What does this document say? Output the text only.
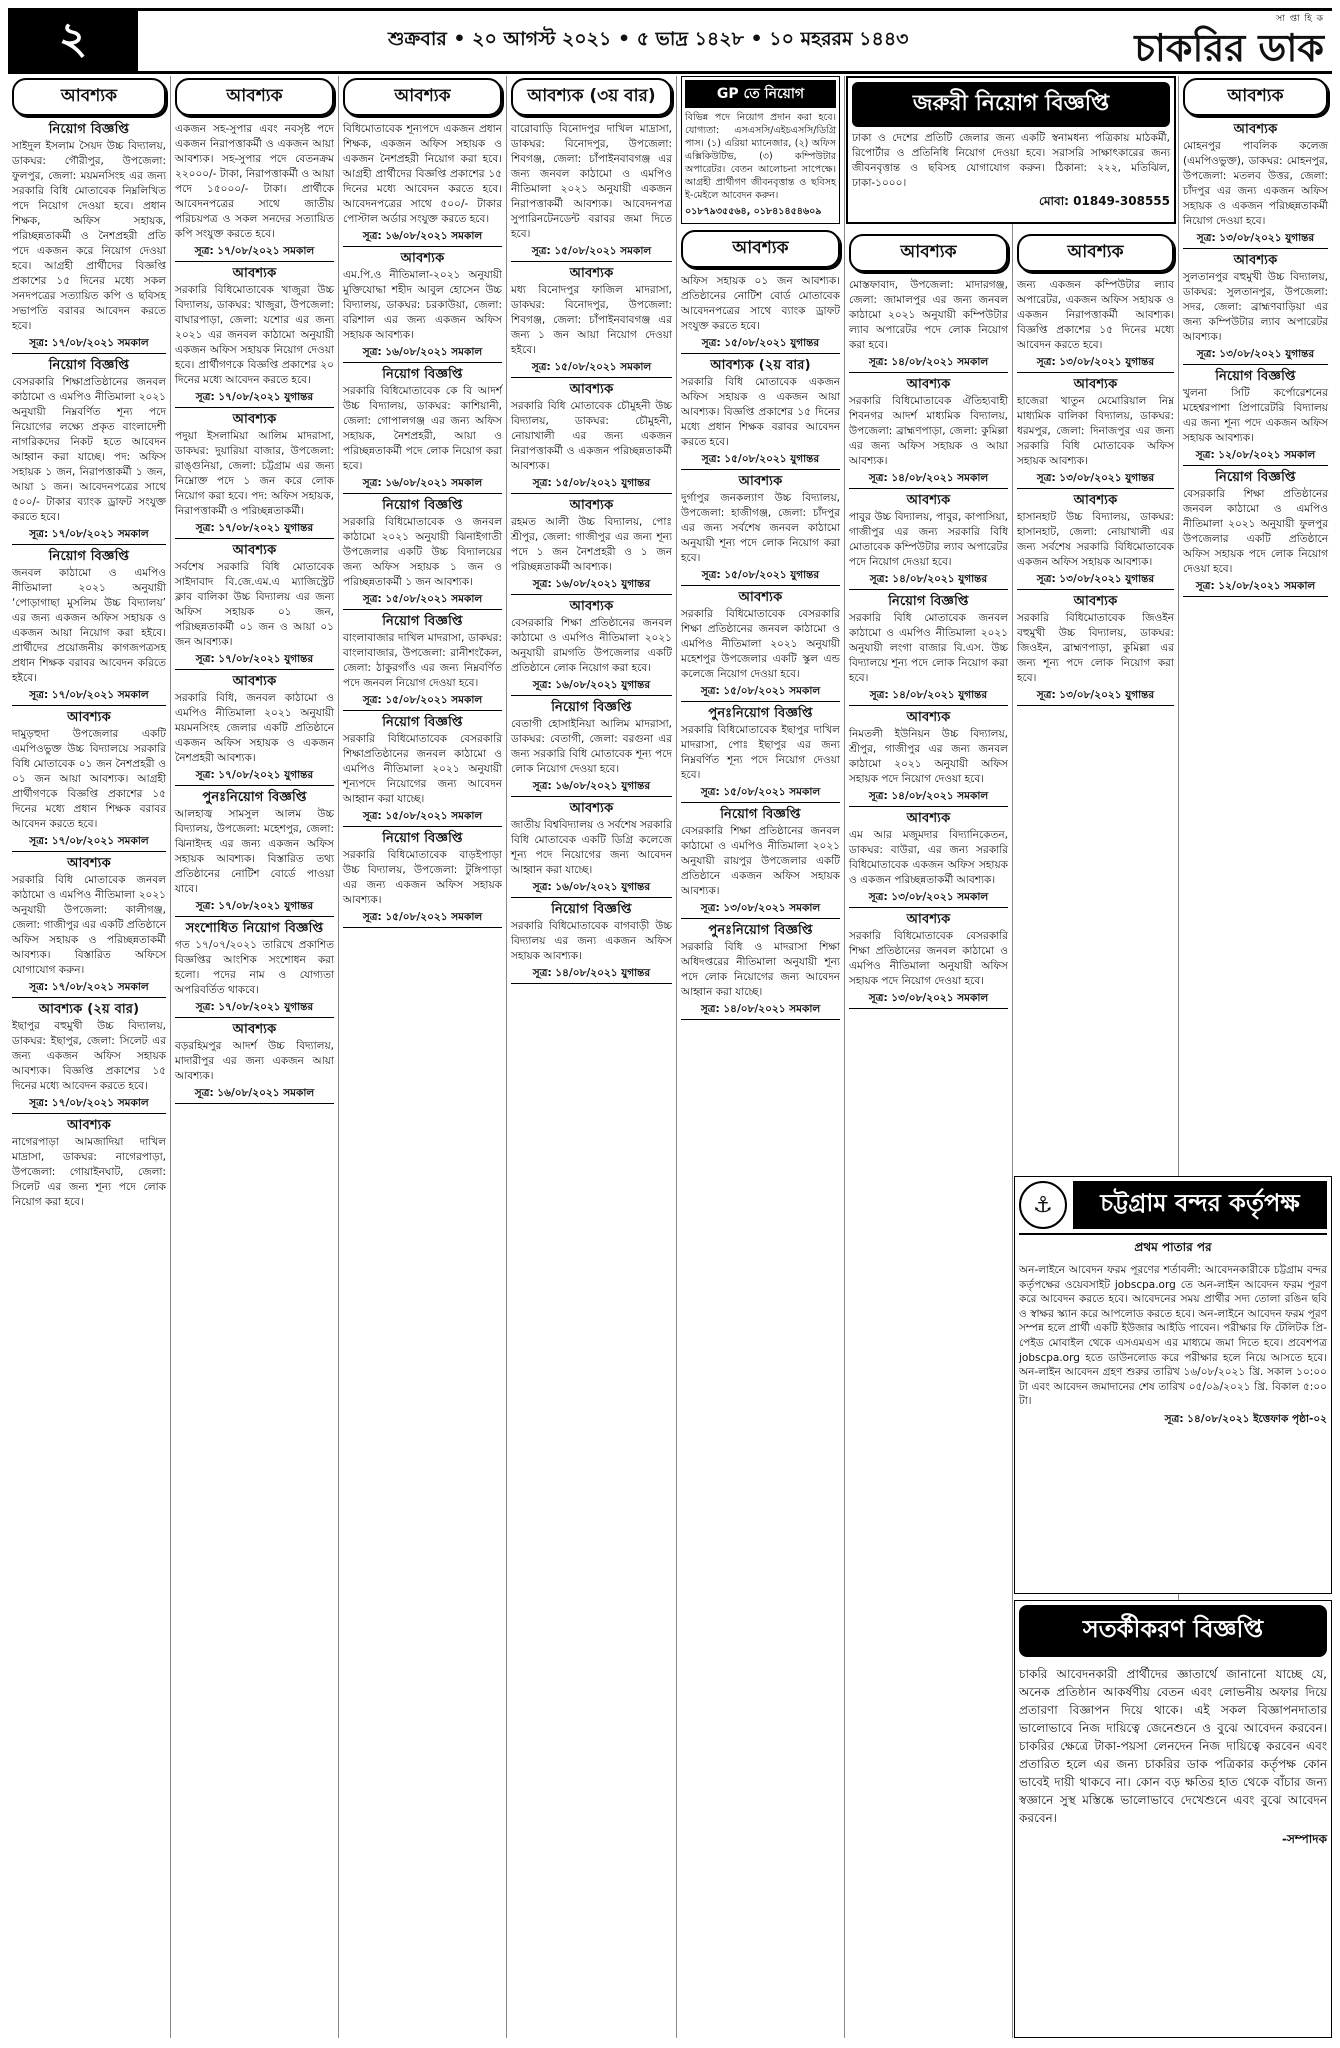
২	শুক্রবার • ২০ আগস্ট ২০২১ • ৫ ভাদ্র ১৪২৮ • ১০ মহররম ১৪৪৩
সা প্তা হি ক
চাকরির ডাক
আবশ্যক
নিয়োগ বিজ্ঞপ্তি

সাইদুল ইসলাম সৈয়দ উচ্চ বিদ্যালয়, ডাকঘর: গৌরীপুর, উপজেলা: ফুলপুর, জেলা: ময়মনসিংহ এর জন্য সরকারি বিধি মোতাবেক নিম্নলিখিত পদে নিয়োগ দেওয়া হবে। প্রধান শিক্ষক, অফিস সহায়ক, পরিচ্ছন্নতাকর্মী ও নৈশপ্রহরী প্রতি পদে একজন করে নিয়োগ দেওয়া হবে। আগ্রহী প্রার্থীদের বিজ্ঞপ্তি প্রকাশের ১৫ দিনের মধ্যে সকল সনদপত্রের সত্যায়িত কপি ও ছবিসহ সভাপতি বরাবর আবেদন করতে হবে।

সূত্র: ১৭/০৮/২০২১ সমকাল
নিয়োগ বিজ্ঞপ্তি

বেসরকারি শিক্ষাপ্রতিষ্ঠানের জনবল কাঠামো ও এমপিও নীতিমালা ২০২১ অনুযায়ী নিম্নবর্ণিত শূন্য পদে নিয়োগের লক্ষ্যে প্রকৃত বাংলাদেশী নাগরিকদের নিকট হতে আবেদন আহ্বান করা যাচ্ছে। পদ: অফিস সহায়ক ১ জন, নিরাপত্তাকর্মী ১ জন, আয়া ১ জন। আবেদনপত্রের সাথে ৫০০/- টাকার ব্যাংক ড্রাফট সংযুক্ত করতে হবে।

সূত্র: ১৭/০৮/২০২১ সমকাল
নিয়োগ বিজ্ঞপ্তি

জনবল কাঠামো ও এমপিও নীতিমালা ২০২১ অনুযায়ী ‘পোড়াগাছা মুসলিম উচ্চ বিদ্যালয়’ এর জন্য একজন অফিস সহায়ক ও একজন আয়া নিয়োগ করা হইবে। প্রার্থীদের প্রয়োজনীয় কাগজপত্রসহ প্রধান শিক্ষক বরাবর আবেদন করিতে হইবে।

সূত্র: ১৭/০৮/২০২১ সমকাল
আবশ্যক

দামুড়হুদা উপজেলার একটি এমপিওভুক্ত উচ্চ বিদ্যালয়ে সরকারি বিধি মোতাবেক ০১ জন নৈশপ্রহরী ও ০১ জন আয়া আবশ্যক। আগ্রহী প্রার্থীগণকে বিজ্ঞপ্তি প্রকাশের ১৫ দিনের মধ্যে প্রধান শিক্ষক বরাবর আবেদন করতে হবে।

সূত্র: ১৭/০৮/২০২১ সমকাল
আবশ্যক

সরকারি বিধি মোতাবেক জনবল কাঠামো ও এমপিও নীতিমালা ২০২১ অনুযায়ী উপজেলা: কালীগঞ্জ, জেলা: গাজীপুর এর একটি প্রতিষ্ঠানে অফিস সহায়ক ও পরিচ্ছন্নতাকর্মী আবশ্যক। বিস্তারিত অফিসে যোগাযোগ করুন।

সূত্র: ১৭/০৮/২০২১ সমকাল
আবশ্যক (২য় বার)

ইছাপুর বহুমুখী উচ্চ বিদ্যালয়, ডাকঘর: ইছাপুর, জেলা: সিলেট এর জন্য একজন অফিস সহায়ক আবশ্যক। বিজ্ঞপ্তি প্রকাশের ১৫ দিনের মধ্যে আবেদন করতে হবে।

সূত্র: ১৭/০৮/২০২১ সমকাল
আবশ্যক

নাগেরপাড়া আমজাদিয়া দাখিল মাদ্রাসা, ডাকঘর: নাগেরপাড়া, উপজেলা: গোয়াইনঘাট, জেলা: সিলেট এর জন্য শূন্য পদে লোক নিয়োগ করা হবে।

আবশ্যক

একজন সহ-সুপার এবং নবসৃষ্ট পদে একজন নিরাপত্তাকর্মী ও একজন আয়া আবশ্যক। সহ-সুপার পদে বেতনক্রম ২২০০০/- টাকা, নিরাপত্তাকর্মী ও আয়া পদে ১৫০০০/- টাকা। প্রার্থীকে আবেদনপত্রের সাথে জাতীয় পরিচয়পত্র ও সকল সনদের সত্যায়িত কপি সংযুক্ত করতে হবে।

সূত্র: ১৭/০৮/২০২১ সমকাল
আবশ্যক

সরকারি বিধিমোতাবেক খাজুরা উচ্চ বিদ্যালয়, ডাকঘর: খাজুরা, উপজেলা: বাঘারপাড়া, জেলা: যশোর এর জন্য ২০২১ এর জনবল কাঠামো অনুযায়ী একজন অফিস সহায়ক নিয়োগ দেওয়া হবে। প্রার্থীগণকে বিজ্ঞপ্তি প্রকাশের ২০ দিনের মধ্যে আবেদন করতে হবে।

সূত্র: ১৭/০৮/২০২১ যুগান্তর
আবশ্যক

পদুয়া ইসলামিয়া আলিম মাদরাসা, ডাকঘর: দুয়ারিয়া বাজার, উপজেলা: রাঙ্গুনিয়া, জেলা: চট্টগ্রাম এর জন্য নিম্নোক্ত পদে ১ জন করে লোক নিয়োগ করা হবে। পদ: অফিস সহায়ক, নিরাপত্তাকর্মী ও পরিচ্ছন্নতাকর্মী।

সূত্র: ১৭/০৮/২০২১ যুগান্তর
আবশ্যক

সর্বশেষ সরকারি বিধি মোতাবেক সাইদাবাদ বি.জে.এম.এ ম্যাজিস্ট্রেট ক্লাব বালিকা উচ্চ বিদ্যালয় এর জন্য অফিস সহায়ক ০১ জন, পরিচ্ছন্নতাকর্মী ০১ জন ও আয়া ০১ জন আবশ্যক।

সূত্র: ১৭/০৮/২০২১ যুগান্তর
আবশ্যক

সরকারি বিধি, জনবল কাঠামো ও এমপিও নীতিমালা ২০২১ অনুযায়ী ময়মনসিংহ জেলার একটি প্রতিষ্ঠানে একজন অফিস সহায়ক ও একজন নৈশপ্রহরী আবশ্যক।

সূত্র: ১৭/০৮/২০২১ যুগান্তর
পুনঃনিয়োগ বিজ্ঞপ্তি

আলহাজ্ব সামসুল আলম উচ্চ বিদ্যালয়, উপজেলা: মহেশপুর, জেলা: ঝিনাইদহ এর জন্য একজন অফিস সহায়ক আবশ্যক। বিস্তারিত তথ্য প্রতিষ্ঠানের নোটিশ বোর্ডে পাওয়া যাবে।

সূত্র: ১৭/০৮/২০২১ যুগান্তর
সংশোধিত নিয়োগ বিজ্ঞপ্তি

গত ১৭/০৭/২০২১ তারিখে প্রকাশিত বিজ্ঞপ্তির আংশিক সংশোধন করা হলো। পদের নাম ও যোগ্যতা অপরিবর্তিত থাকবে।

সূত্র: ১৭/০৮/২০২১ যুগান্তর
আবশ্যক

বড়রহিমপুর আদর্শ উচ্চ বিদ্যালয়, মাদারীপুর এর জন্য একজন আয়া আবশ্যক।

সূত্র: ১৬/০৮/২০২১ সমকাল
আবশ্যক

বিধিমোতাবেক শূন্যপদে একজন প্রধান শিক্ষক, একজন অফিস সহায়ক ও একজন নৈশপ্রহরী নিয়োগ করা হবে। আগ্রহী প্রার্থীদের বিজ্ঞপ্তি প্রকাশের ১৫ দিনের মধ্যে আবেদন করতে হবে। আবেদনপত্রের সাথে ৫০০/- টাকার পোস্টাল অর্ডার সংযুক্ত করতে হবে।

সূত্র: ১৬/০৮/২০২১ সমকাল
আবশ্যক

এম.পি.ও নীতিমালা-২০২১ অনুযায়ী মুক্তিযোদ্ধা শহীদ আবুল হোসেন উচ্চ বিদ্যালয়, ডাকঘর: চরকাউয়া, জেলা: বরিশাল এর জন্য একজন অফিস সহায়ক আবশ্যক।

সূত্র: ১৬/০৮/২০২১ সমকাল
নিয়োগ বিজ্ঞপ্তি

সরকারি বিধিমোতাবেক কে বি আদর্শ উচ্চ বিদ্যালয়, ডাকঘর: কাশিয়ানী, জেলা: গোপালগঞ্জ এর জন্য অফিস সহায়ক, নৈশপ্রহরী, আয়া ও পরিচ্ছন্নতাকর্মী পদে লোক নিয়োগ করা হবে।

সূত্র: ১৬/০৮/২০২১ সমকাল
নিয়োগ বিজ্ঞপ্তি

সরকারি বিধিমোতাবেক ও জনবল কাঠামো ২০২১ অনুযায়ী ঝিনাইগাতী উপজেলার একটি উচ্চ বিদ্যালয়ের জন্য অফিস সহায়ক ১ জন ও পরিচ্ছন্নতাকর্মী ১ জন আবশ্যক।

সূত্র: ১৫/০৮/২০২১ সমকাল
নিয়োগ বিজ্ঞপ্তি

বাংলাবাজার দাখিল মাদরাসা, ডাকঘর: বাংলাবাজার, উপজেলা: রানীশংকৈল, জেলা: ঠাকুরগাঁও এর জন্য নিম্নবর্ণিত পদে জনবল নিয়োগ দেওয়া হবে।

সূত্র: ১৫/০৮/২০২১ সমকাল
নিয়োগ বিজ্ঞপ্তি

সরকারি বিধিমোতাবেক বেসরকারি শিক্ষাপ্রতিষ্ঠানের জনবল কাঠামো ও এমপিও নীতিমালা ২০২১ অনুযায়ী শূন্যপদে নিয়োগের জন্য আবেদন আহ্বান করা যাচ্ছে।

সূত্র: ১৫/০৮/২০২১ সমকাল
নিয়োগ বিজ্ঞপ্তি

সরকারি বিধিমোতাবেক বাড়ইপাড়া উচ্চ বিদ্যালয়, উপজেলা: টুঙ্গিপাড়া এর জন্য একজন অফিস সহায়ক আবশ্যক।

সূত্র: ১৫/০৮/২০২১ সমকাল
আবশ্যক (৩য় বার)

বারোবাড়ি বিনোদপুর দাখিল মাদ্রাসা, ডাকঘর: বিনোদপুর, উপজেলা: শিবগঞ্জ, জেলা: চাঁপাইনবাবগঞ্জ এর জন্য জনবল কাঠামো ও এমপিও নীতিমালা ২০২১ অনুযায়ী একজন নিরাপত্তাকর্মী আবশ্যক। আবেদনপত্র সুপারিনটেনডেন্ট বরাবর জমা দিতে হবে।

সূত্র: ১৫/০৮/২০২১ সমকাল
আবশ্যক

মধ্য বিনোদপুর ফাজিল মাদরাসা, ডাকঘর: বিনোদপুর, উপজেলা: শিবগঞ্জ, জেলা: চাঁপাইনবাবগঞ্জ এর জন্য ১ জন আয়া নিয়োগ দেওয়া হইবে।

সূত্র: ১৫/০৮/২০২১ সমকাল
আবশ্যক

সরকারি বিধি মোতাবেক চৌমুহনী উচ্চ বিদ্যালয়, ডাকঘর: চৌমুহনী, নোয়াখালী এর জন্য একজন নিরাপত্তাকর্মী ও একজন পরিচ্ছন্নতাকর্মী আবশ্যক।

সূত্র: ১৫/০৮/২০২১ যুগান্তর
আবশ্যক

রহমত আলী উচ্চ বিদ্যালয়, পোঃ শ্রীপুর, জেলা: গাজীপুর এর জন্য শূন্য পদে ১ জন নৈশপ্রহরী ও ১ জন পরিচ্ছন্নতাকর্মী আবশ্যক।

সূত্র: ১৬/০৮/২০২১ যুগান্তর
আবশ্যক

বেসরকারি শিক্ষা প্রতিষ্ঠানের জনবল কাঠামো ও এমপিও নীতিমালা ২০২১ অনুযায়ী রামগতি উপজেলার একটি প্রতিষ্ঠানে লোক নিয়োগ করা হবে।

সূত্র: ১৬/০৮/২০২১ যুগান্তর
নিয়োগ বিজ্ঞপ্তি

বেতাগী হোসাইনিয়া আলিম মাদরাসা, ডাকঘর: বেতাগী, জেলা: বরগুনা এর জন্য সরকারি বিধি মোতাবেক শূন্য পদে লোক নিয়োগ দেওয়া হবে।

সূত্র: ১৬/০৮/২০২১ যুগান্তর
আবশ্যক

জাতীয় বিশ্ববিদ্যালয় ও সর্বশেষ সরকারি বিধি মোতাবেক একটি ডিগ্রি কলেজে শূন্য পদে নিয়োগের জন্য আবেদন আহ্বান করা যাচ্ছে।

সূত্র: ১৬/০৮/২০২১ যুগান্তর
নিয়োগ বিজ্ঞপ্তি

সরকারি বিধিমোতাবেক বাগবাড়ী উচ্চ বিদ্যালয় এর জন্য একজন অফিস সহায়ক আবশ্যক।

সূত্র: ১৪/০৮/২০২১ যুগান্তর
GP তে নিয়োগ
বিভিন্ন পদে নিয়োগ প্রদান করা হবে। যোগ্যতা: এসএসসি/এইচএসসি/ডিগ্রি পাস। (১) এরিয়া ম্যানেজার, (২) অফিস এক্সিকিউটিভ, (৩) কম্পিউটার অপারেটর। বেতন আলোচনা সাপেক্ষে। আগ্রহী প্রার্থীগণ জীবনবৃত্তান্ত ও ছবিসহ ই-মেইলে আবেদন করুন।
০১৮৭৯৩৫৫৬৪, ০১৮৪১৪৫৪৬০৯
আবশ্যক

অফিস সহায়ক ০১ জন আবশ্যক। প্রতিষ্ঠানের নোটিশ বোর্ড মোতাবেক আবেদনপত্রের সাথে ব্যাংক ড্রাফট সংযুক্ত করতে হবে।

সূত্র: ১৫/০৮/২০২১ যুগান্তর
আবশ্যক (২য় বার)

সরকারি বিধি মোতাবেক একজন অফিস সহায়ক ও একজন আয়া আবশ্যক। বিজ্ঞপ্তি প্রকাশের ১৫ দিনের মধ্যে প্রধান শিক্ষক বরাবর আবেদন করতে হবে।

সূত্র: ১৫/০৮/২০২১ যুগান্তর
আবশ্যক

দুর্গাপুর জনকল্যাণ উচ্চ বিদ্যালয়, উপজেলা: হাজীগঞ্জ, জেলা: চাঁদপুর এর জন্য সর্বশেষ জনবল কাঠামো অনুযায়ী শূন্য পদে লোক নিয়োগ করা হবে।

সূত্র: ১৫/০৮/২০২১ যুগান্তর
আবশ্যক

সরকারি বিধিমোতাবেক বেসরকারি শিক্ষা প্রতিষ্ঠানের জনবল কাঠামো ও এমপিও নীতিমালা ২০২১ অনুযায়ী মহেশপুর উপজেলার একটি স্কুল এন্ড কলেজে নিয়োগ দেওয়া হবে।

সূত্র: ১৫/০৮/২০২১ সমকাল
পুনঃনিয়োগ বিজ্ঞপ্তি

সরকারি বিধিমোতাবেক ইছাপুর দাখিল মাদরাসা, পোঃ ইছাপুর এর জন্য নিম্নবর্ণিত শূন্য পদে নিয়োগ দেওয়া হবে।

সূত্র: ১৫/০৮/২০২১ সমকাল
নিয়োগ বিজ্ঞপ্তি

বেসরকারি শিক্ষা প্রতিষ্ঠানের জনবল কাঠামো ও এমপিও নীতিমালা ২০২১ অনুযায়ী রায়পুর উপজেলার একটি প্রতিষ্ঠানে একজন অফিস সহায়ক আবশ্যক।

সূত্র: ১৩/০৮/২০২১ সমকাল
পুনঃনিয়োগ বিজ্ঞপ্তি

সরকারি বিধি ও মাদরাসা শিক্ষা অধিদপ্তরের নীতিমালা অনুযায়ী শূন্য পদে লোক নিয়োগের জন্য আবেদন আহ্বান করা যাচ্ছে।

সূত্র: ১৪/০৮/২০২১ সমকাল
আবশ্যক

মোস্তফাবাদ, উপজেলা: মাদারগঞ্জ, জেলা: জামালপুর এর জন্য জনবল কাঠামো ২০২১ অনুযায়ী কম্পিউটার ল্যাব অপারেটর পদে লোক নিয়োগ করা হবে।

সূত্র: ১৪/০৮/২০২১ সমকাল
আবশ্যক

সরকারি বিধিমোতাবেক ঐতিহ্যবাহী শিবনগর আদর্শ মাধ্যমিক বিদ্যালয়, উপজেলা: ব্রাহ্মণপাড়া, জেলা: কুমিল্লা এর জন্য অফিস সহায়ক ও আয়া আবশ্যক।

সূত্র: ১৪/০৮/২০২১ সমকাল
আবশ্যক

পাবুর উচ্চ বিদ্যালয়, পাবুর, কাপাসিয়া, গাজীপুর এর জন্য সরকারি বিধি মোতাবেক কম্পিউটার ল্যাব অপারেটর পদে নিয়োগ দেওয়া হবে।

সূত্র: ১৪/০৮/২০২১ যুগান্তর
নিয়োগ বিজ্ঞপ্তি

সরকারি বিধি মোতাবেক জনবল কাঠামো ও এমপিও নীতিমালা ২০২১ অনুযায়ী লংগা বাজার বি.এস. উচ্চ বিদ্যালয়ে শূন্য পদে লোক নিয়োগ করা হবে।

সূত্র: ১৪/০৮/২০২১ যুগান্তর
আবশ্যক

নিমতলী ইউনিয়ন উচ্চ বিদ্যালয়, শ্রীপুর, গাজীপুর এর জন্য জনবল কাঠামো ২০২১ অনুযায়ী অফিস সহায়ক পদে নিয়োগ দেওয়া হবে।

সূত্র: ১৪/০৮/২০২১ সমকাল
আবশ্যক

এম আর মজুমদার বিদ্যানিকেতন, ডাকঘর: বাউরা, এর জন্য সরকারি বিধিমোতাবেক একজন অফিস সহায়ক ও একজন পরিচ্ছন্নতাকর্মী আবশ্যক।

সূত্র: ১৩/০৮/২০২১ সমকাল
আবশ্যক

সরকারি বিধিমোতাবেক বেসরকারি শিক্ষা প্রতিষ্ঠানের জনবল কাঠামো ও এমপিও নীতিমালা অনুযায়ী অফিস সহায়ক পদে নিয়োগ দেওয়া হবে।

সূত্র: ১৩/০৮/২০২১ সমকাল
আবশ্যক

জন্য একজন কম্পিউটার ল্যাব অপারেটর, একজন অফিস সহায়ক ও একজন নিরাপত্তাকর্মী আবশ্যক। বিজ্ঞপ্তি প্রকাশের ১৫ দিনের মধ্যে আবেদন করতে হবে।

সূত্র: ১৩/০৮/২০২১ যুগান্তর
আবশ্যক

হাজেরা খাতুন মেমোরিয়াল নিম্ন মাধ্যমিক বালিকা বিদ্যালয়, ডাকঘর: ধরমপুর, জেলা: দিনাজপুর এর জন্য সরকারি বিধি মোতাবেক অফিস সহায়ক আবশ্যক।

সূত্র: ১৩/০৮/২০২১ যুগান্তর
আবশ্যক

হাসানহাট উচ্চ বিদ্যালয়, ডাকঘর: হাসানহাট, জেলা: নোয়াখালী এর জন্য সর্বশেষ সরকারি বিধিমোতাবেক একজন অফিস সহায়ক আবশ্যক।

সূত্র: ১৩/০৮/২০২১ যুগান্তর
আবশ্যক

সরকারি বিধিমোতাবেক জিওইন বহুমুখী উচ্চ বিদ্যালয়, ডাকঘর: জিওইন, ব্রাহ্মণপাড়া, কুমিল্লা এর জন্য শূন্য পদে লোক নিয়োগ করা হবে।

সূত্র: ১৩/০৮/২০২১ যুগান্তর
আবশ্যক
আবশ্যক

মোহনপুর পাবলিক কলেজ (এমপিওভুক্ত), ডাকঘর: মোহনপুর, উপজেলা: মতলব উত্তর, জেলা: চাঁদপুর এর জন্য একজন অফিস সহায়ক ও একজন পরিচ্ছন্নতাকর্মী নিয়োগ দেওয়া হবে।

সূত্র: ১৩/০৮/২০২১ যুগান্তর
আবশ্যক

সুলতানপুর বহুমুখী উচ্চ বিদ্যালয়, ডাকঘর: সুলতানপুর, উপজেলা: সদর, জেলা: ব্রাহ্মণবাড়িয়া এর জন্য কম্পিউটার ল্যাব অপারেটর আবশ্যক।

সূত্র: ১৩/০৮/২০২১ যুগান্তর
নিয়োগ বিজ্ঞপ্তি

খুলনা সিটি কর্পোরেশনের মহেশ্বরপাশা প্রিপারেটরি বিদ্যালয় এর জন্য শূন্য পদে একজন অফিস সহায়ক আবশ্যক।

সূত্র: ১২/০৮/২০২১ সমকাল
নিয়োগ বিজ্ঞপ্তি

বেসরকারি শিক্ষা প্রতিষ্ঠানের জনবল কাঠামো ও এমপিও নীতিমালা ২০২১ অনুযায়ী ফুলপুর উপজেলার একটি প্রতিষ্ঠানে অফিস সহায়ক পদে লোক নিয়োগ দেওয়া হবে।

সূত্র: ১২/০৮/২০২১ সমকাল
জরুরী নিয়োগ বিজ্ঞপ্তি
ঢাকা ও দেশের প্রতিটি জেলার জন্য একটি স্বনামধন্য পত্রিকায় মাঠকর্মী, রিপোর্টার ও প্রতিনিধি নিয়োগ দেওয়া হবে। সরাসরি সাক্ষাৎকারের জন্য জীবনবৃত্তান্ত ও ছবিসহ যোগাযোগ করুন। ঠিকানা: ২২২, মতিঝিল, ঢাকা-১০০০।
মোবা: 01849-308555
⚓	চট্টগ্রাম বন্দর কর্তৃপক্ষ
প্রথম পাতার পর
অন-লাইনে আবেদন ফরম পূরণের শর্তাবলী: আবেদনকারীকে চট্টগ্রাম বন্দর কর্তৃপক্ষের ওয়েবসাইট jobscpa.org তে অন-লাইন আবেদন ফরম পূরণ করে আবেদন করতে হবে। আবেদনের সময় প্রার্থীর সদ্য তোলা রঙিন ছবি ও স্বাক্ষর স্ক্যান করে আপলোড করতে হবে। অন-লাইনে আবেদন ফরম পূরণ সম্পন্ন হলে প্রার্থী একটি ইউজার আইডি পাবেন। পরীক্ষার ফি টেলিটক প্রি-পেইড মোবাইল থেকে এসএমএস এর মাধ্যমে জমা দিতে হবে। প্রবেশপত্র jobscpa.org হতে ডাউনলোড করে পরীক্ষার হলে নিয়ে আসতে হবে। অন-লাইন আবেদন গ্রহণ শুরুর তারিখ ১৬/০৮/২০২১ খ্রি. সকাল ১০:০০ টা এবং আবেদন জমাদানের শেষ তারিখ ০৫/০৯/২০২১ খ্রি. বিকাল ৫:০০ টা।
সূত্র: ১৪/০৮/২০২১ ইত্তেফাক পৃষ্ঠা-০২
সতর্কীকরণ বিজ্ঞপ্তি
চাকরি আবেদনকারী প্রার্থীদের জ্ঞাতার্থে জানানো যাচ্ছে যে, অনেক প্রতিষ্ঠান আকর্ষণীয় বেতন এবং লোভনীয় অফার দিয়ে প্রতারণা বিজ্ঞাপন দিয়ে থাকে। এই সকল বিজ্ঞাপনদাতার ভালোভাবে নিজ দায়িত্বে জেনেশুনে ও বুঝে আবেদন করবেন। চাকরির ক্ষেত্রে টাকা-পয়সা লেনদেন নিজ দায়িত্বে করবেন এবং প্রতারিত হলে এর জন্য চাকরির ডাক পত্রিকার কর্তৃপক্ষ কোন ভাবেই দায়ী থাকবে না। কোন বড় ক্ষতির হাত থেকে বাঁচার জন্য স্বজ্ঞানে সুস্থ মস্তিষ্কে ভালোভাবে দেখেশুনে এবং বুঝে আবেদন করবেন।
-সম্পাদক
